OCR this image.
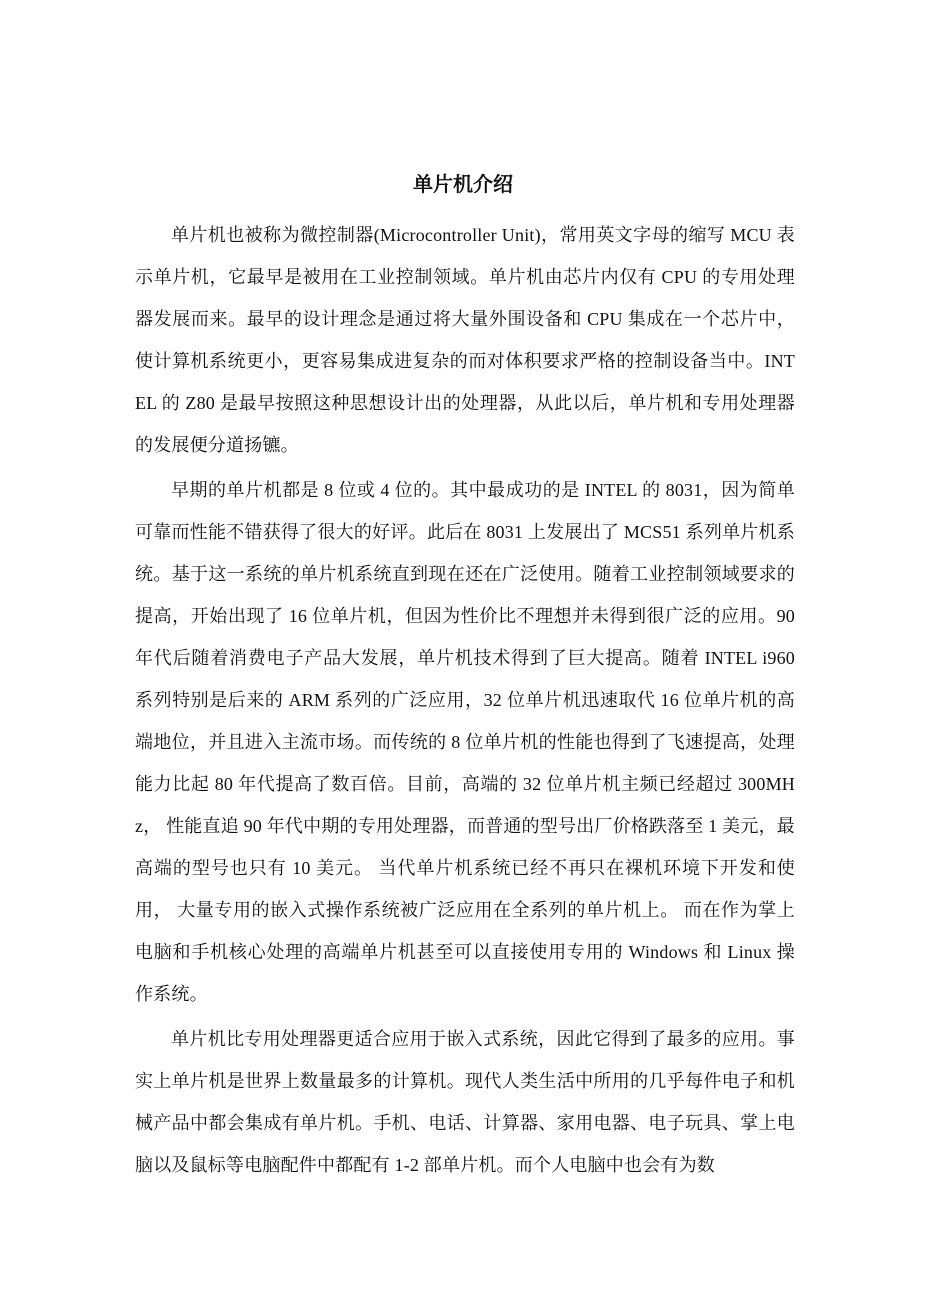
单片机介绍

单片机也被称为微控制器(Microcontroller Unit)，常用英文字母的缩写 MCU 表示单片机，它最早是被用在工业控制领域。单片机由芯片内仅有 CPU 的专用处理器发展而来。最早的设计理念是通过将大量外围设备和 CPU 集成在一个芯片中，使计算机系统更小，更容易集成进复杂的而对体积要求严格的控制设备当中。INTEL 的 Z80 是最早按照这种思想设计出的处理器，从此以后，单片机和专用处理器的发展便分道扬镳。

早期的单片机都是 8 位或 4 位的。其中最成功的是 INTEL 的 8031，因为简单可靠而性能不错获得了很大的好评。此后在 8031 上发展出了 MCS51 系列单片机系统。基于这一系统的单片机系统直到现在还在广泛使用。随着工业控制领域要求的提高，开始出现了 16 位单片机，但因为性价比不理想并未得到很广泛的应用。90 年代后随着消费电子产品大发展，单片机技术得到了巨大提高。随着 INTEL i960 系列特别是后来的 ARM 系列的广泛应用，32 位单片机迅速取代 16 位单片机的高端地位，并且进入主流市场。而传统的 8 位单片机的性能也得到了飞速提高，处理能力比起 80 年代提高了数百倍。目前，高端的 32 位单片机主频已经超过 300MHz， 性能直追 90 年代中期的专用处理器，而普通的型号出厂价格跌落至 1 美元，最高端的型号也只有 10 美元。 当代单片机系统已经不再只在裸机环境下开发和使用， 大量专用的嵌入式操作系统被广泛应用在全系列的单片机上。 而在作为掌上电脑和手机核心处理的高端单片机甚至可以直接使用专用的 Windows 和 Linux 操作系统。

单片机比专用处理器更适合应用于嵌入式系统，因此它得到了最多的应用。事实上单片机是世界上数量最多的计算机。现代人类生活中所用的几乎每件电子和机械产品中都会集成有单片机。手机、电话、计算器、家用电器、电子玩具、掌上电脑以及鼠标等电脑配件中都配有 1-2 部单片机。而个人电脑中也会有为数
